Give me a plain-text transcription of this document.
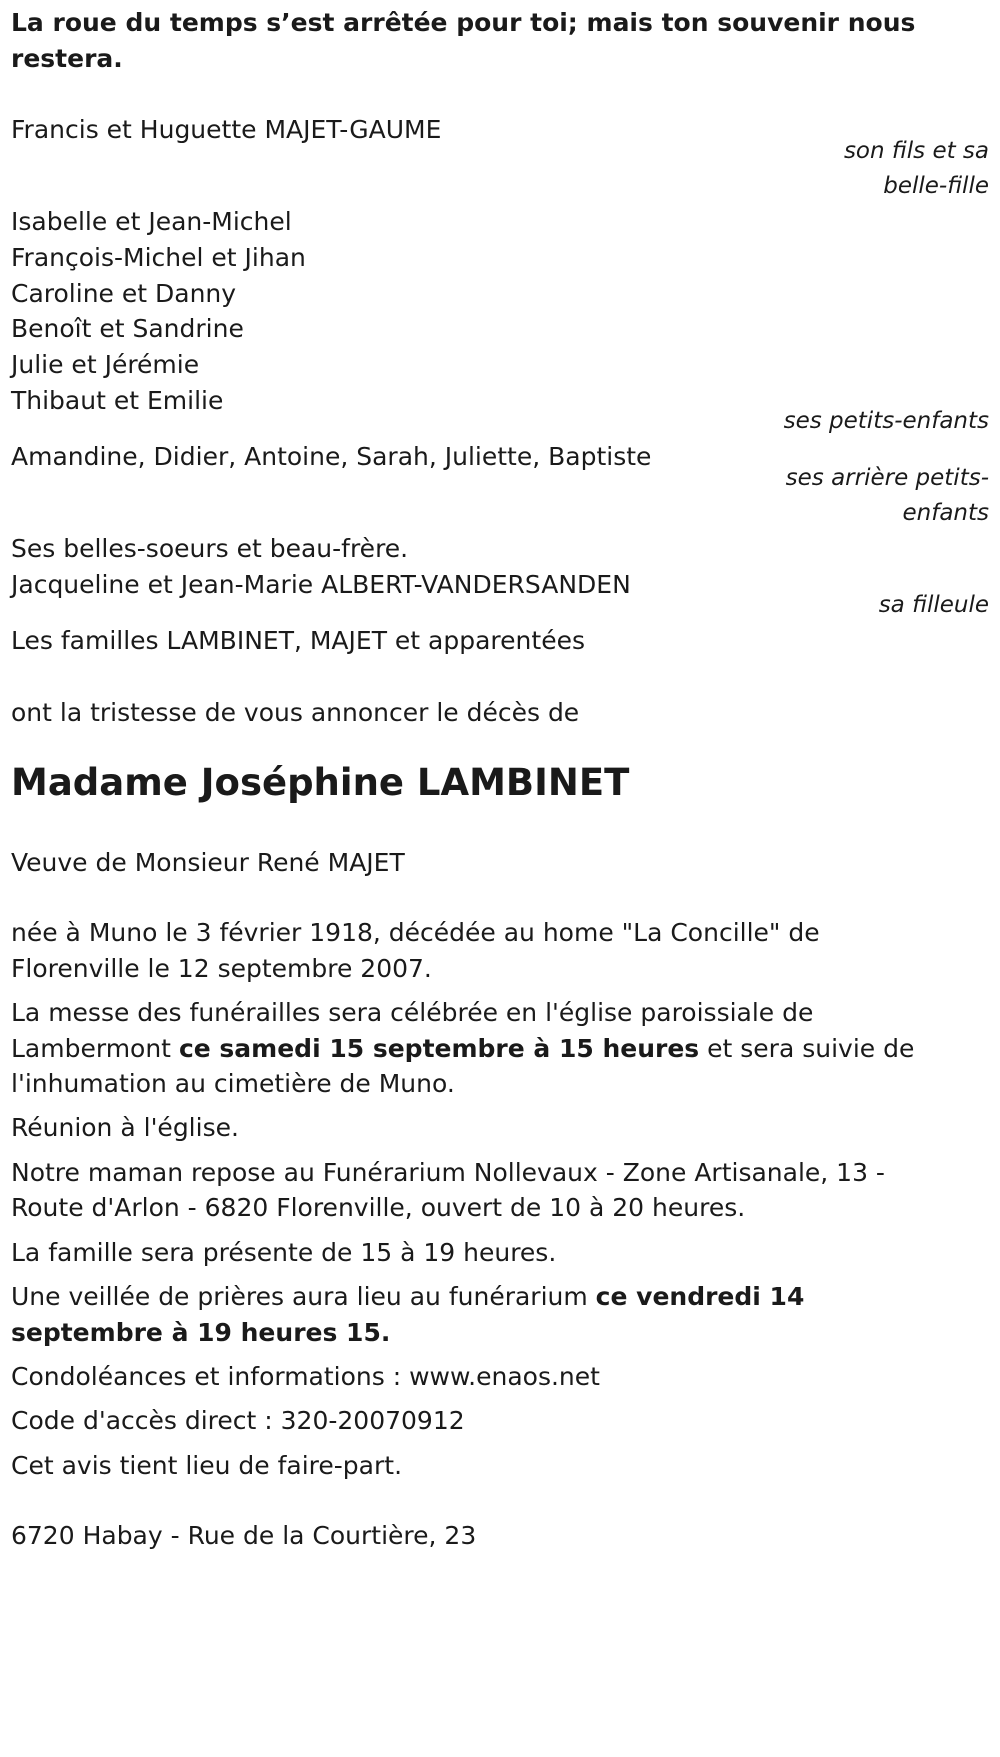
La roue du temps s’est arrêtée pour toi; mais ton souvenir nous
restera.
Francis et Huguette MAJET-GAUME
son fils et sa
belle-fille
Isabelle et Jean-Michel
François-Michel et Jihan
Caroline et Danny
Benoît et Sandrine
Julie et Jérémie
Thibaut et Emilie
ses petits-enfants
Amandine, Didier, Antoine, Sarah, Juliette, Baptiste
ses arrière petits-
enfants
Ses belles-soeurs et beau-frère.
Jacqueline et Jean-Marie ALBERT-VANDERSANDEN
sa filleule
Les familles LAMBINET, MAJET et apparentées
ont la tristesse de vous annoncer le décès de
Madame Joséphine LAMBINET
Veuve de Monsieur René MAJET
née à Muno le 3 février 1918, décédée au home "La Concille" de
Florenville le 12 septembre 2007.
La messe des funérailles sera célébrée en l'église paroissiale de
Lambermont ce samedi 15 septembre à 15 heures et sera suivie de
l'inhumation au cimetière de Muno.
Réunion à l'église.
Notre maman repose au Funérarium Nollevaux - Zone Artisanale, 13 -
Route d'Arlon - 6820 Florenville, ouvert de 10 à 20 heures.
La famille sera présente de 15 à 19 heures.
Une veillée de prières aura lieu au funérarium ce vendredi 14
septembre à 19 heures 15.
Condoléances et informations : www.enaos.net
Code d'accès direct : 320-20070912
Cet avis tient lieu de faire-part.
6720 Habay - Rue de la Courtière, 23
